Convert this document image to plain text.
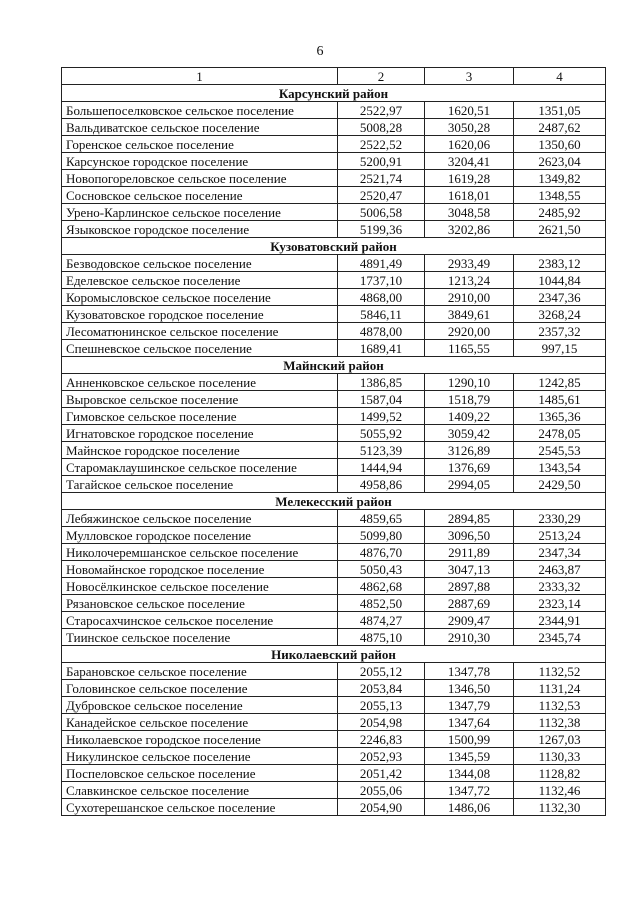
6
1	2	3	4
Карсунский район			
Большепоселковское сельское поселение	2522,97	1620,51	1351,05
Вальдиватское сельское поселение	5008,28	3050,28	2487,62
Горенское сельское поселение	2522,52	1620,06	1350,60
Карсунское городское поселение	5200,91	3204,41	2623,04
Новопогореловское сельское поселение	2521,74	1619,28	1349,82
Сосновское сельское поселение	2520,47	1618,01	1348,55
Урено-Карлинское сельское поселение	5006,58	3048,58	2485,92
Языковское городское поселение	5199,36	3202,86	2621,50
Кузоватовский район			
Безводовское сельское поселение	4891,49	2933,49	2383,12
Еделевское сельское поселение	1737,10	1213,24	1044,84
Коромысловское сельское поселение	4868,00	2910,00	2347,36
Кузоватовское городское поселение	5846,11	3849,61	3268,24
Лесоматюнинское сельское поселение	4878,00	2920,00	2357,32
Спешневское сельское поселение	1689,41	1165,55	997,15
Майнский район			
Анненковское сельское поселение	1386,85	1290,10	1242,85
Выровское сельское поселение	1587,04	1518,79	1485,61
Гимовское сельское поселение	1499,52	1409,22	1365,36
Игнатовское городское поселение	5055,92	3059,42	2478,05
Майнское городское поселение	5123,39	3126,89	2545,53
Старомаклаушинское сельское поселение	1444,94	1376,69	1343,54
Тагайское сельское поселение	4958,86	2994,05	2429,50
Мелекесский район			
Лебяжинское сельское поселение	4859,65	2894,85	2330,29
Мулловское городское поселение	5099,80	3096,50	2513,24
Николочеремшанское сельское поселение	4876,70	2911,89	2347,34
Новомайнское городское поселение	5050,43	3047,13	2463,87
Новосёлкинское сельское поселение	4862,68	2897,88	2333,32
Рязановское сельское поселение	4852,50	2887,69	2323,14
Старосахчинское сельское поселение	4874,27	2909,47	2344,91
Тиинское сельское поселение	4875,10	2910,30	2345,74
Николаевский район			
Барановское сельское поселение	2055,12	1347,78	1132,52
Головинское сельское поселение	2053,84	1346,50	1131,24
Дубровское сельское поселение	2055,13	1347,79	1132,53
Канадейское сельское поселение	2054,98	1347,64	1132,38
Николаевское городское поселение	2246,83	1500,99	1267,03
Никулинское сельское поселение	2052,93	1345,59	1130,33
Поспеловское сельское поселение	2051,42	1344,08	1128,82
Славкинское сельское поселение	2055,06	1347,72	1132,46
Сухотерешанское сельское поселение	2054,90	1486,06	1132,30
